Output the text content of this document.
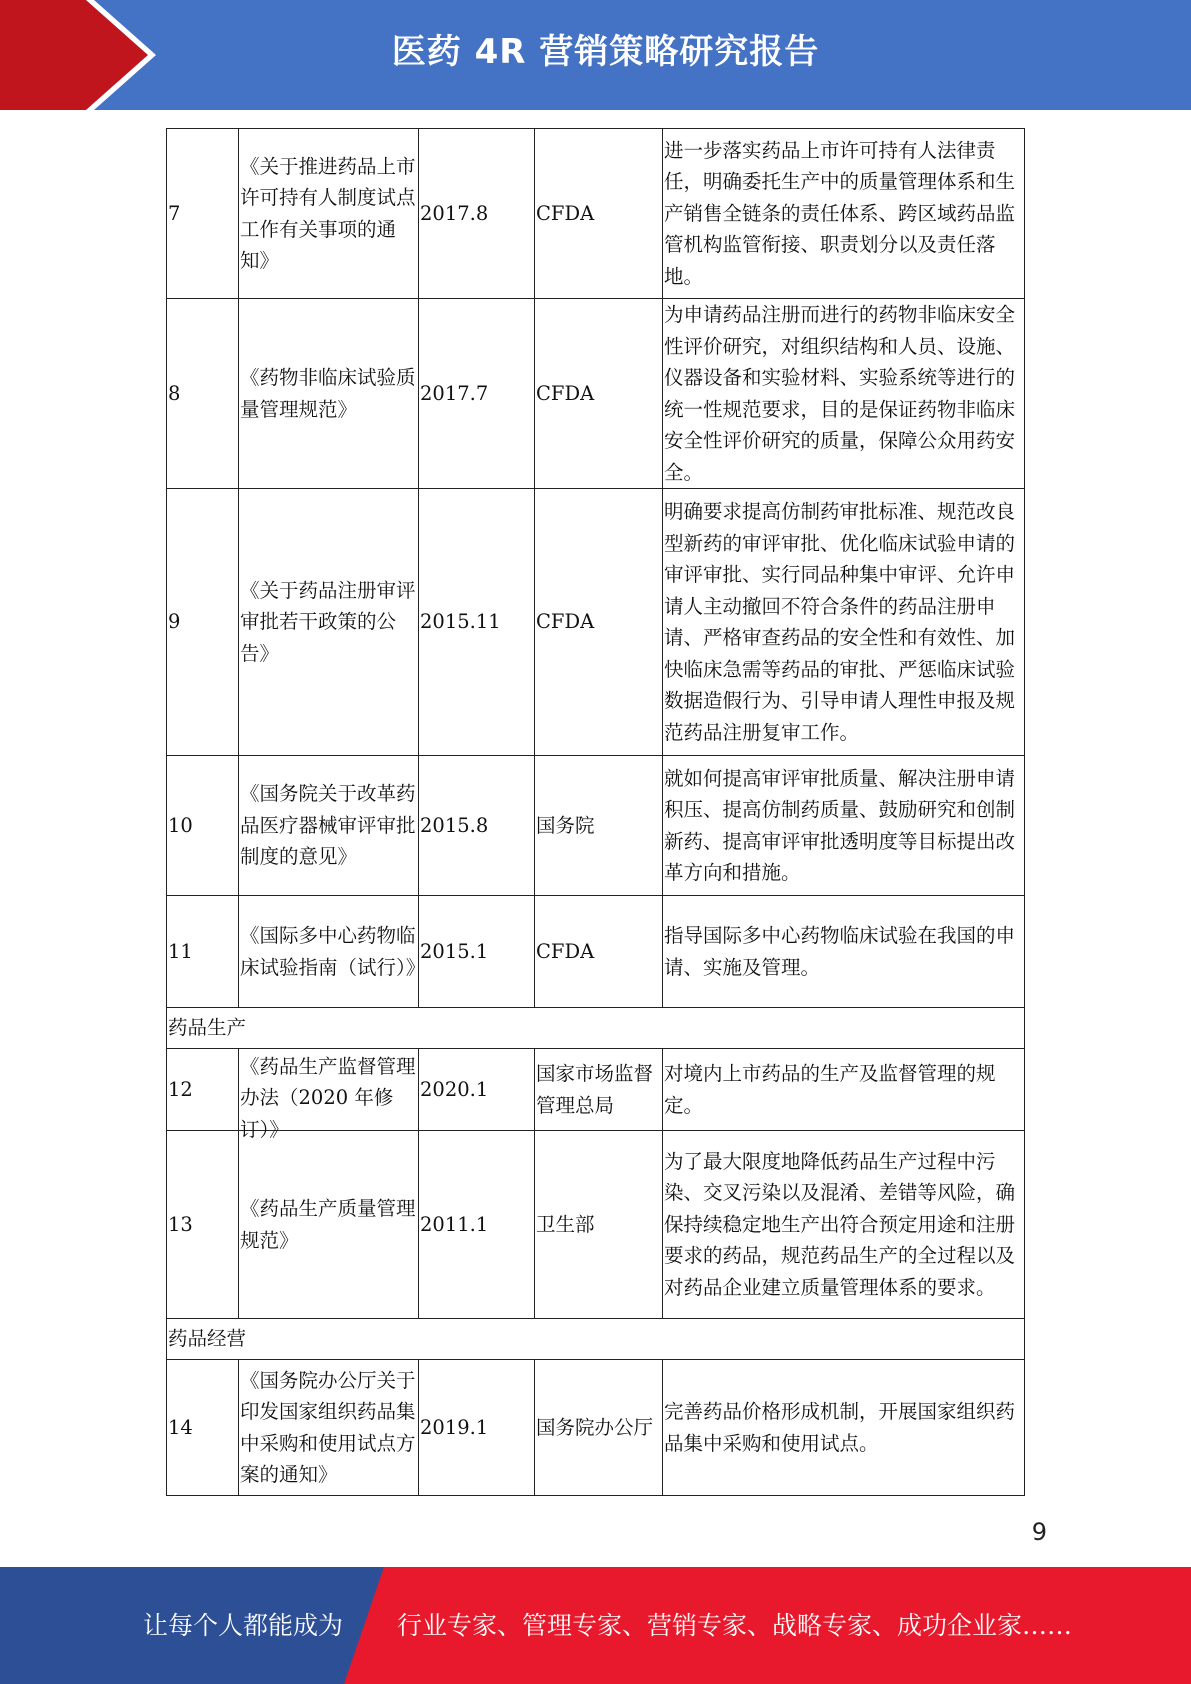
医药 4R 营销策略研究报告
7	《关于推进药品上市许可持有人制度试点工作有关事项的通知》	2017.8	CFDA	进一步落实药品上市许可持有人法律责任，明确委托生产中的质量管理体系和生产销售全链条的责任体系、跨区域药品监管机构监管衔接、职责划分以及责任落地。
8	《药物非临床试验质量管理规范》	2017.7	CFDA	为申请药品注册而进行的药物非临床安全性评价研究，对组织结构和人员、设施、仪器设备和实验材料、实验系统等进行的统一性规范要求，目的是保证药物非临床安全性评价研究的质量，保障公众用药安全。
9	《关于药品注册审评审批若干政策的公告》	2015.11	CFDA	明确要求提高仿制药审批标准、规范改良型新药的审评审批、优化临床试验申请的审评审批、实行同品种集中审评、允许申请人主动撤回不符合条件的药品注册申请、严格审查药品的安全性和有效性、加快临床急需等药品的审批、严惩临床试验数据造假行为、引导申请人理性申报及规范药品注册复审工作。
10	《国务院关于改革药品医疗器械审评审批制度的意见》	2015.8	国务院	就如何提高审评审批质量、解决注册申请积压、提高仿制药质量、鼓励研究和创制新药、提高审评审批透明度等目标提出改革方向和措施。
11	《国际多中心药物临床试验指南（试行）》	2015.1	CFDA	指导国际多中心药物临床试验在我国的申请、实施及管理。
药品生产				
12	《药品生产监督管理办法（2020 年修订）》	2020.1	国家市场监督管理总局	对境内上市药品的生产及监督管理的规定。
13	《药品生产质量管理规范》	2011.1	卫生部	为了最大限度地降低药品生产过程中污染、交叉污染以及混淆、差错等风险，确保持续稳定地生产出符合预定用途和注册要求的药品，规范药品生产的全过程以及对药品企业建立质量管理体系的要求。
药品经营				
14	《国务院办公厅关于印发国家组织药品集中采购和使用试点方案的通知》	2019.1	国务院办公厅	完善药品价格形成机制，开展国家组织药品集中采购和使用试点。
9
让每个人都能成为 行业专家、管理专家、营销专家、战略专家、成功企业家……
